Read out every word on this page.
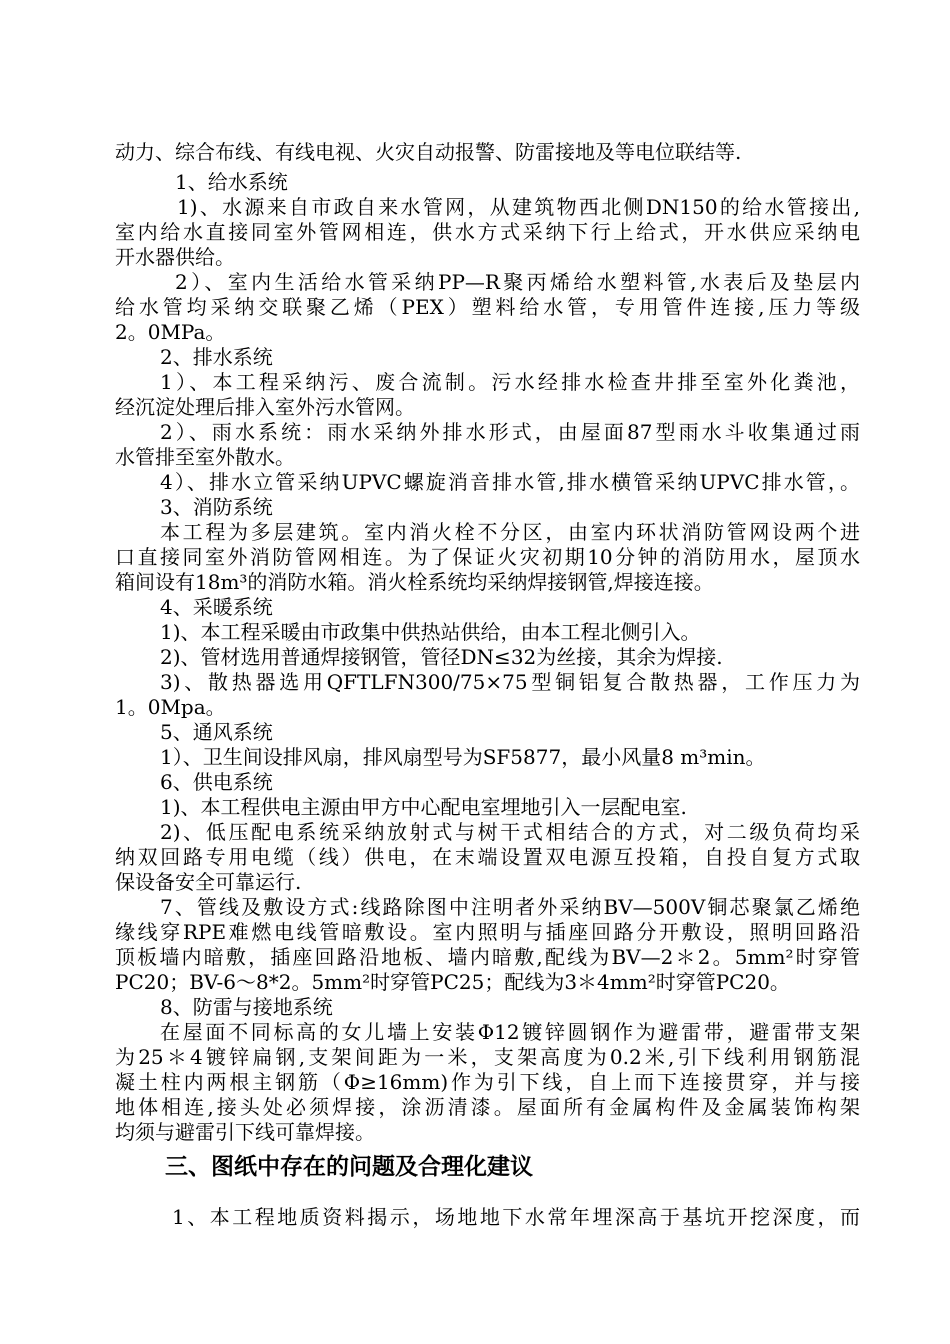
动力、综合布线、有线电视、火灾自动报警、防雷接地及等电位联结等.
1、给水系统
1)、水源来自市政自来水管网，从建筑物西北侧DN150的给水管接出,
室内给水直接同室外管网相连，供水方式采纳下行上给式，开水供应采纳电
开水器供给。
2）、室内生活给水管采纳PP—R聚丙烯给水塑料管,水表后及垫层内
给水管均采纳交联聚乙烯（PEX）塑料给水管，专用管件连接,压力等级
2。0MPa。
2、排水系统
1）、本工程采纳污、废合流制。污水经排水检查井排至室外化粪池，
经沉淀处理后排入室外污水管网。
2）、雨水系统：雨水采纳外排水形式，由屋面87型雨水斗收集通过雨
水管排至室外散水。
4）、排水立管采纳UPVC螺旋消音排水管,排水横管采纳UPVC排水管，。
3、消防系统
本工程为多层建筑。室内消火栓不分区，由室内环状消防管网设两个进
口直接同室外消防管网相连。为了保证火灾初期10分钟的消防用水，屋顶水
箱间设有18m³的消防水箱。消火栓系统均采纳焊接钢管,焊接连接。
4、采暖系统
1)、本工程采暖由市政集中供热站供给，由本工程北侧引入。
2)、管材选用普通焊接钢管，管径DN≤32为丝接，其余为焊接.
3)、散热器选用QFTLFN300/75×75型铜铝复合散热器，工作压力为
1。0Mpa。
5、通风系统
1）、卫生间设排风扇，排风扇型号为SF5877，最小风量8 m³min。
6、供电系统
1)、本工程供电主源由甲方中心配电室埋地引入一层配电室.
2)、低压配电系统采纳放射式与树干式相结合的方式，对二级负荷均采
纳双回路专用电缆（线）供电，在末端设置双电源互投箱，自投自复方式取
保设备安全可靠运行.
7、管线及敷设方式:线路除图中注明者外采纳BV—500V铜芯聚氯乙烯绝
缘线穿RPE难燃电线管暗敷设。室内照明与插座回路分开敷设，照明回路沿
顶板墙内暗敷，插座回路沿地板、墙内暗敷,配线为BV—2＊2。5mm²时穿管
PC20；BV-6～8*2。5mm²时穿管PC25；配线为3＊4mm²时穿管PC20。
8、防雷与接地系统
在屋面不同标高的女儿墙上安装Φ12镀锌圆钢作为避雷带，避雷带支架
为25＊4镀锌扁钢,支架间距为一米，支架高度为0.2米,引下线利用钢筋混
凝土柱内两根主钢筋（Φ≥16mm)作为引下线，自上而下连接贯穿，并与接
地体相连,接头处必须焊接，涂沥清漆。屋面所有金属构件及金属装饰构架
均须与避雷引下线可靠焊接。
三、图纸中存在的问题及合理化建议
1、本工程地质资料揭示，场地地下水常年埋深高于基坑开挖深度，而
